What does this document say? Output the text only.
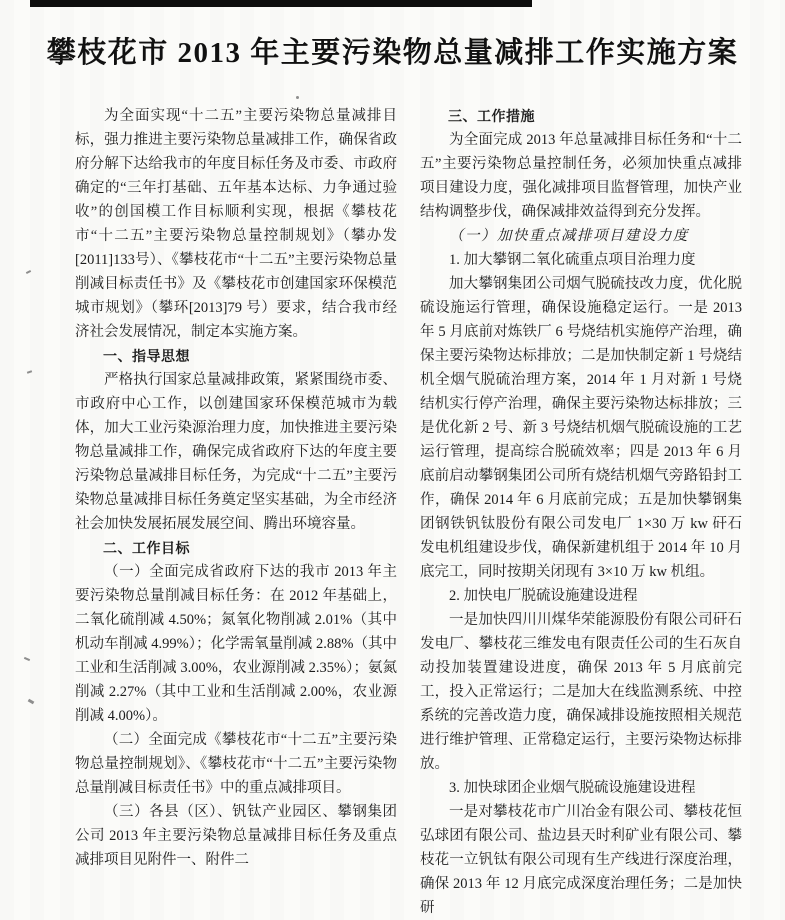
攀枝花市 2013 年主要污染物总量减排工作实施方案

为全面实现“十二五”主要污染物总量减排目标，强力推进主要污染物总量减排工作，确保省政府分解下达给我市的年度目标任务及市委、市政府确定的“三年打基础、五年基本达标、力争通过验收”的创国模工作目标顺利实现，根据《攀枝花市“十二五”主要污染物总量控制规划》（攀办发[2011]133号）、《攀枝花市“十二五”主要污染物总量削减目标责任书》及《攀枝花市创建国家环保模范城市规划》（攀环[2013]79 号）要求，结合我市经济社会发展情况，制定本实施方案。

一、指导思想

严格执行国家总量减排政策，紧紧围绕市委、市政府中心工作，以创建国家环保模范城市为载体，加大工业污染源治理力度，加快推进主要污染物总量减排工作，确保完成省政府下达的年度主要污染物总量减排目标任务，为完成“十二五”主要污染物总量减排目标任务奠定坚实基础，为全市经济社会加快发展拓展发展空间、腾出环境容量。

二、工作目标

（一）全面完成省政府下达的我市 2013 年主要污染物总量削减目标任务：在 2012 年基础上，二氧化硫削减 4.50%；氮氧化物削减 2.01%（其中机动车削减 4.99%）；化学需氧量削减 2.88%（其中工业和生活削减 3.00%，农业源削减 2.35%）；氨氮削减 2.27%（其中工业和生活削减 2.00%，农业源削减 4.00%）。

（二）全面完成《攀枝花市“十二五”主要污染物总量控制规划》、《攀枝花市“十二五”主要污染物总量削减目标责任书》中的重点减排项目。

（三）各县（区）、钒钛产业园区、攀钢集团公司 2013 年主要污染物总量减排目标任务及重点减排项目见附件一、附件二

三、工作措施

为全面完成 2013 年总量减排目标任务和“十二五”主要污染物总量控制任务，必须加快重点减排项目建设力度，强化减排项目监督管理，加快产业结构调整步伐，确保减排效益得到充分发挥。

（一）加快重点减排项目建设力度

1. 加大攀钢二氧化硫重点项目治理力度

加大攀钢集团公司烟气脱硫技改力度，优化脱硫设施运行管理，确保设施稳定运行。一是 2013 年 5 月底前对炼铁厂 6 号烧结机实施停产治理，确保主要污染物达标排放；二是加快制定新 1 号烧结机全烟气脱硫治理方案，2014 年 1 月对新 1 号烧结机实行停产治理，确保主要污染物达标排放；三是优化新 2 号、新 3 号烧结机烟气脱硫设施的工艺运行管理，提高综合脱硫效率；四是 2013 年 6 月底前启动攀钢集团公司所有烧结机烟气旁路铅封工作，确保 2014 年 6 月底前完成；五是加快攀钢集团钢铁钒钛股份有限公司发电厂 1×30 万 kw 矸石发电机组建设步伐，确保新建机组于 2014 年 10 月底完工，同时按期关闭现有 3×10 万 kw 机组。

2. 加快电厂脱硫设施建设进程

一是加快四川川煤华荣能源股份有限公司矸石发电厂、攀枝花三维发电有限责任公司的生石灰自动投加装置建设进度，确保 2013 年 5 月底前完工，投入正常运行；二是加大在线监测系统、中控系统的完善改造力度，确保减排设施按照相关规范进行维护管理、正常稳定运行，主要污染物达标排放。

3. 加快球团企业烟气脱硫设施建设进程

一是对攀枝花市广川冶金有限公司、攀枝花恒弘球团有限公司、盐边县天时利矿业有限公司、攀枝花一立钒钛有限公司现有生产线进行深度治理，确保 2013 年 12 月底完成深度治理任务；二是加快研
